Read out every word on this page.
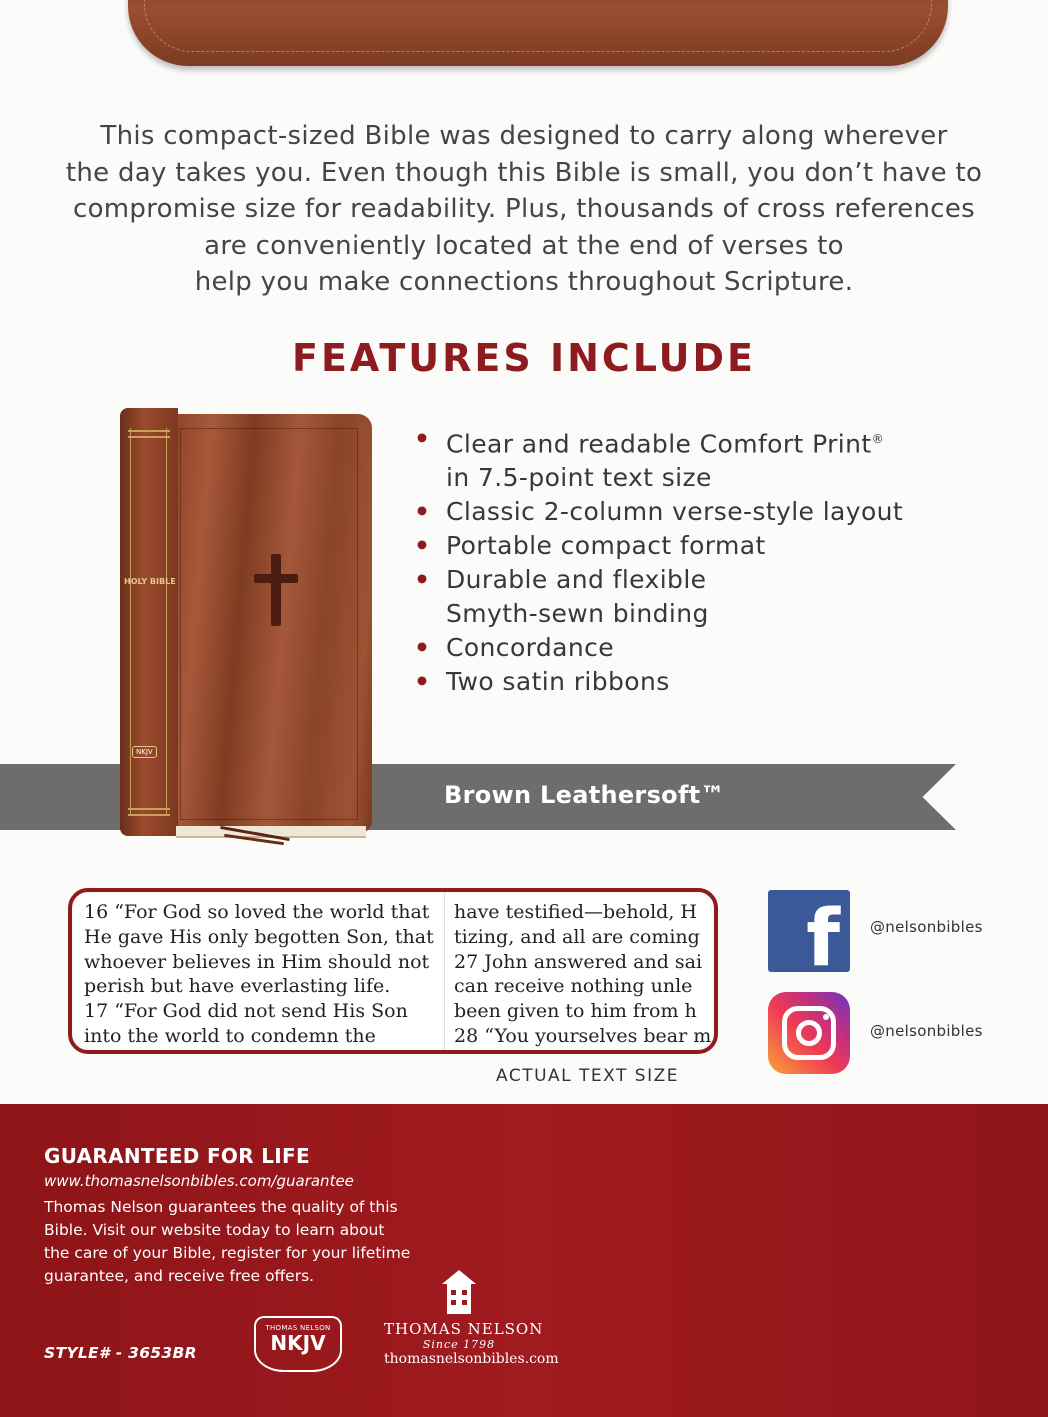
This compact-sized Bible was designed to carry along wherever
the day takes you. Even though this Bible is small, you don’t have to
compromise size for readability. Plus, thousands of cross references
are conveniently located at the end of verses to
help you make connections throughout Scripture.
FEATURES INCLUDE
Brown Leathersoft™
HOLY BIBLE
NKJV
• Clear and readable Comfort Print®
in 7.5-point text size
• Classic 2-column verse-style layout
• Portable compact format
• Durable and flexible
Smyth-sewn binding
• Concordance
• Two satin ribbons
16 “For God so loved the world that
He gave His only begotten Son, that
whoever believes in Him should not
perish but have everlasting life.
17 “For God did not send His Son
into the world to condemn the
have testified—behold, H
tizing, and all are coming
27 John answered and sai
can receive nothing unle
been given to him from h
28 “You yourselves bear m
ACTUAL TEXT SIZE
f @nelsonbibles
@nelsonbibles
GUARANTEED FOR LIFE
www.thomasnelsonbibles.com/guarantee
Thomas Nelson guarantees the quality of this
Bible. Visit our website today to learn about
the care of your Bible, register for your lifetime
guarantee, and receive free offers.
STYLE# - 3653BR
THOMAS NELSON
NKJV
THOMAS NELSON
Since 1798
thomasnelsonbibles.com
